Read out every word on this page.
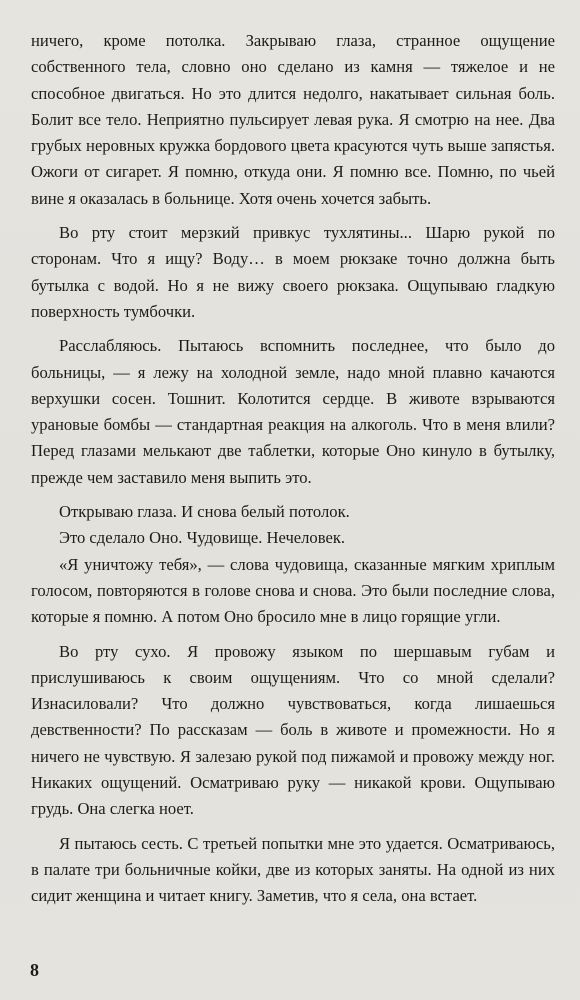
ничего, кроме потолка. Закрываю глаза, странное ощущение собственного тела, словно оно сделано из камня — тяжелое и не способное двигаться. Но это длится недолго, накатывает сильная боль. Болит все тело. Неприятно пульсирует левая рука. Я смотрю на нее. Два грубых неровных кружка бордового цвета красуются чуть выше запястья. Ожоги от сигарет. Я помню, откуда они. Я помню все. Помню, по чьей вине я оказалась в больнице. Хотя очень хочется забыть.

Во рту стоит мерзкий привкус тухлятины... Шарю рукой по сторонам. Что я ищу? Воду… в моем рюкзаке точно должна быть бутылка с водой. Но я не вижу своего рюкзака. Ощупываю гладкую поверхность тумбочки.

Расслабляюсь. Пытаюсь вспомнить последнее, что было до больницы, — я лежу на холодной земле, надо мной плавно качаются верхушки сосен. Тошнит. Колотится сердце. В животе взрываются урановые бомбы — стандартная реакция на алкоголь. Что в меня влили? Перед глазами мелькают две таблетки, которые Оно кинуло в бутылку, прежде чем заставило меня выпить это.

Открываю глаза. И снова белый потолок.

Это сделало Оно. Чудовище. Нечеловек.

«Я уничтожу тебя», — слова чудовища, сказанные мягким хриплым голосом, повторяются в голове снова и снова. Это были последние слова, которые я помню. А потом Оно бросило мне в лицо горящие угли.

Во рту сухо. Я провожу языком по шершавым губам и прислушиваюсь к своим ощущениям. Что со мной сделали? Изнасиловали? Что должно чувствоваться, когда лишаешься девственности? По рассказам — боль в животе и промежности. Но я ничего не чувствую. Я залезаю рукой под пижамой и провожу между ног. Никаких ощущений. Осматриваю руку — никакой крови. Ощупываю грудь. Она слегка ноет.

Я пытаюсь сесть. С третьей попытки мне это удается. Осматриваюсь, в палате три больничные койки, две из которых заняты. На одной из них сидит женщина и читает книгу. Заметив, что я села, она встает.

8
